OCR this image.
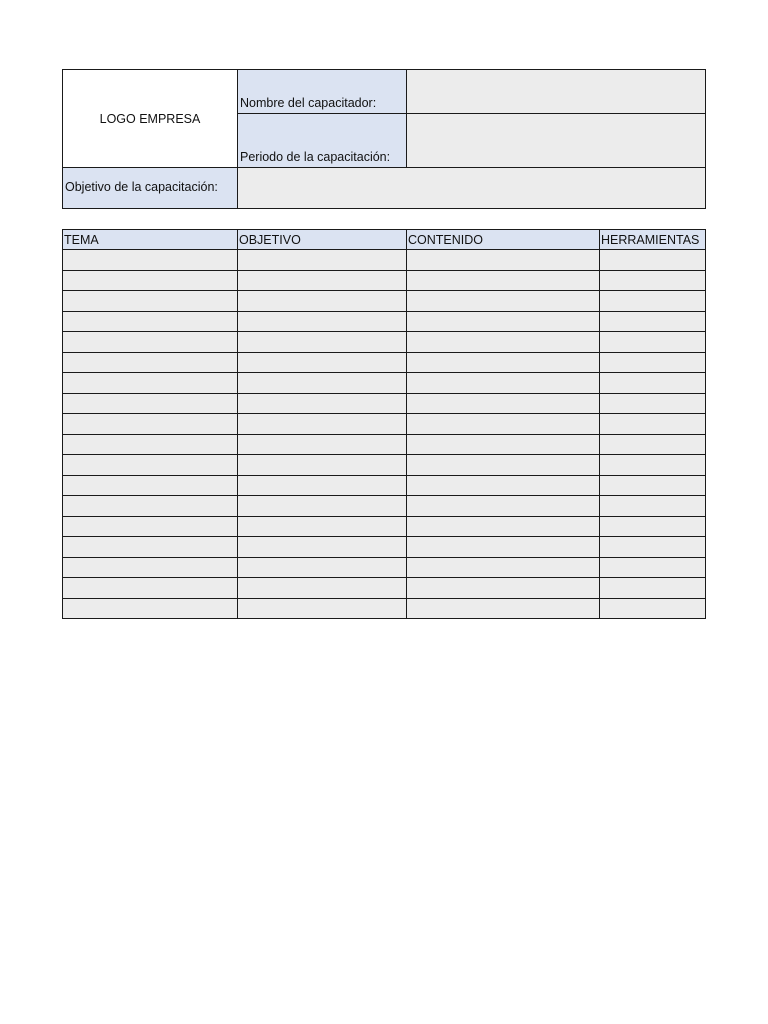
LOGO EMPRESA	Nombre del capacitador:	
	Periodo de la capacitación:	
Objetivo de la capacitación:		
TEMA	OBJETIVO	CONTENIDO	HERRAMIENTAS
